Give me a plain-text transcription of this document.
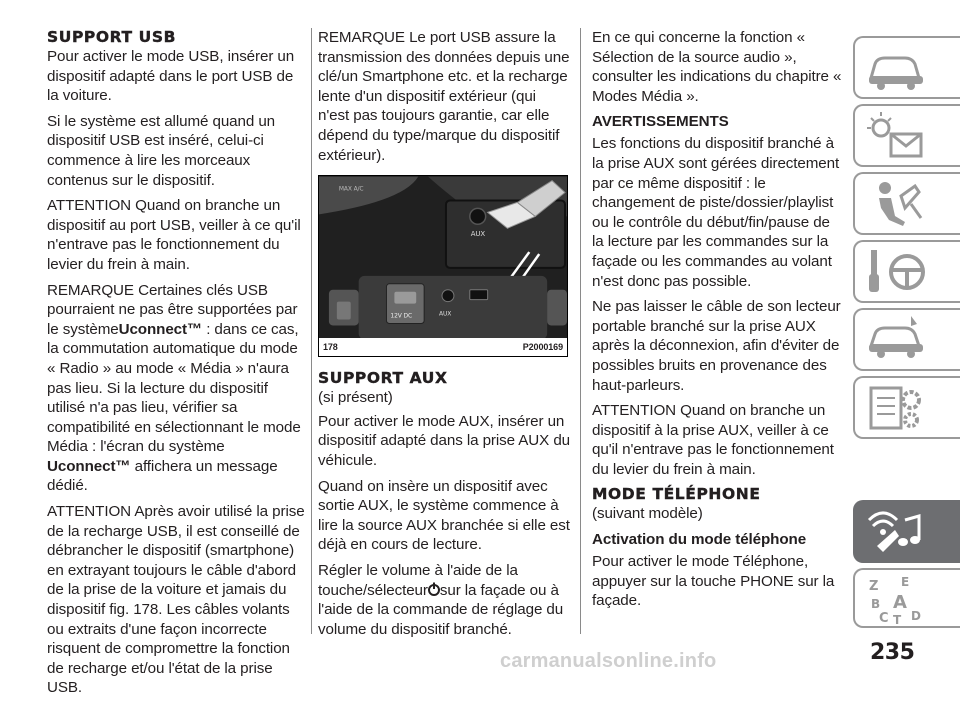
SUPPORT USB

Pour activer le mode USB, insérer un dispositif adapté dans le port USB de la voiture.

Si le système est allumé quand un dispositif USB est inséré, celui-ci commence à lire les morceaux contenus sur le dispositif.

ATTENTION Quand on branche un dispositif au port USB, veiller à ce qu'il n'entrave pas le fonctionnement du levier du frein à main.

REMARQUE Certaines clés USB pourraient ne pas être supportées par le systèmeUconnect™ : dans ce cas, la commutation automatique du mode « Radio » au mode « Média » n'aura pas lieu. Si la lecture du dispositif utilisé n'a pas lieu, vérifier sa compatibilité en sélectionnant le mode Média : l'écran du système Uconnect™ affichera un message dédié.

ATTENTION Après avoir utilisé la prise de la recharge USB, il est conseillé de débrancher le dispositif (smartphone) en extrayant toujours le câble d'abord de la prise de la voiture et jamais du dispositif fig. 178. Les câbles volants ou extraits d'une façon incorrecte risquent de compromettre la fonction de recharge et/ou l'état de la prise USB.

REMARQUE Le port USB assure la transmission des données depuis une clé/un Smartphone etc. et la recharge lente d'un dispositif extérieur (qui n'est pas toujours garantie, car elle dépend du type/marque du dispositif extérieur).

MAX A/C
AUX
12V DC	AUX
178	P2000169
SUPPORT AUX

(si présent)

Pour activer le mode AUX, insérer un dispositif adapté dans la prise AUX du véhicule.

Quand on insère un dispositif avec sortie AUX, le système commence à lire la source AUX branchée si elle est déjà en cours de lecture.

Régler le volume à l'aide de la touche/sélecteur sur la façade ou à l'aide de la commande de réglage du volume du dispositif branché.

En ce qui concerne la fonction « Sélection de la source audio », consulter les indications du chapitre « Modes Média ».

AVERTISSEMENTS

Les fonctions du dispositif branché à la prise AUX sont gérées directement par ce même dispositif : le changement de piste/dossier/playlist ou le contrôle du début/fin/pause de la lecture par les commandes sur la façade ou les commandes au volant n'est donc pas possible.

Ne pas laisser le câble de son lecteur portable branché sur la prise AUX après la déconnexion, afin d'éviter de possibles bruits en provenance des haut-parleurs.

ATTENTION Quand on branche un dispositif à la prise AUX, veiller à ce qu'il n'entrave pas le fonctionnement du levier du frein à main.

MODE TÉLÉPHONE

(suivant modèle)

Activation du mode téléphone

Pour activer le mode Téléphone, appuyer sur la touche PHONE sur la façade.

Z E
B A
C T D
235
carmanualsonline.info
